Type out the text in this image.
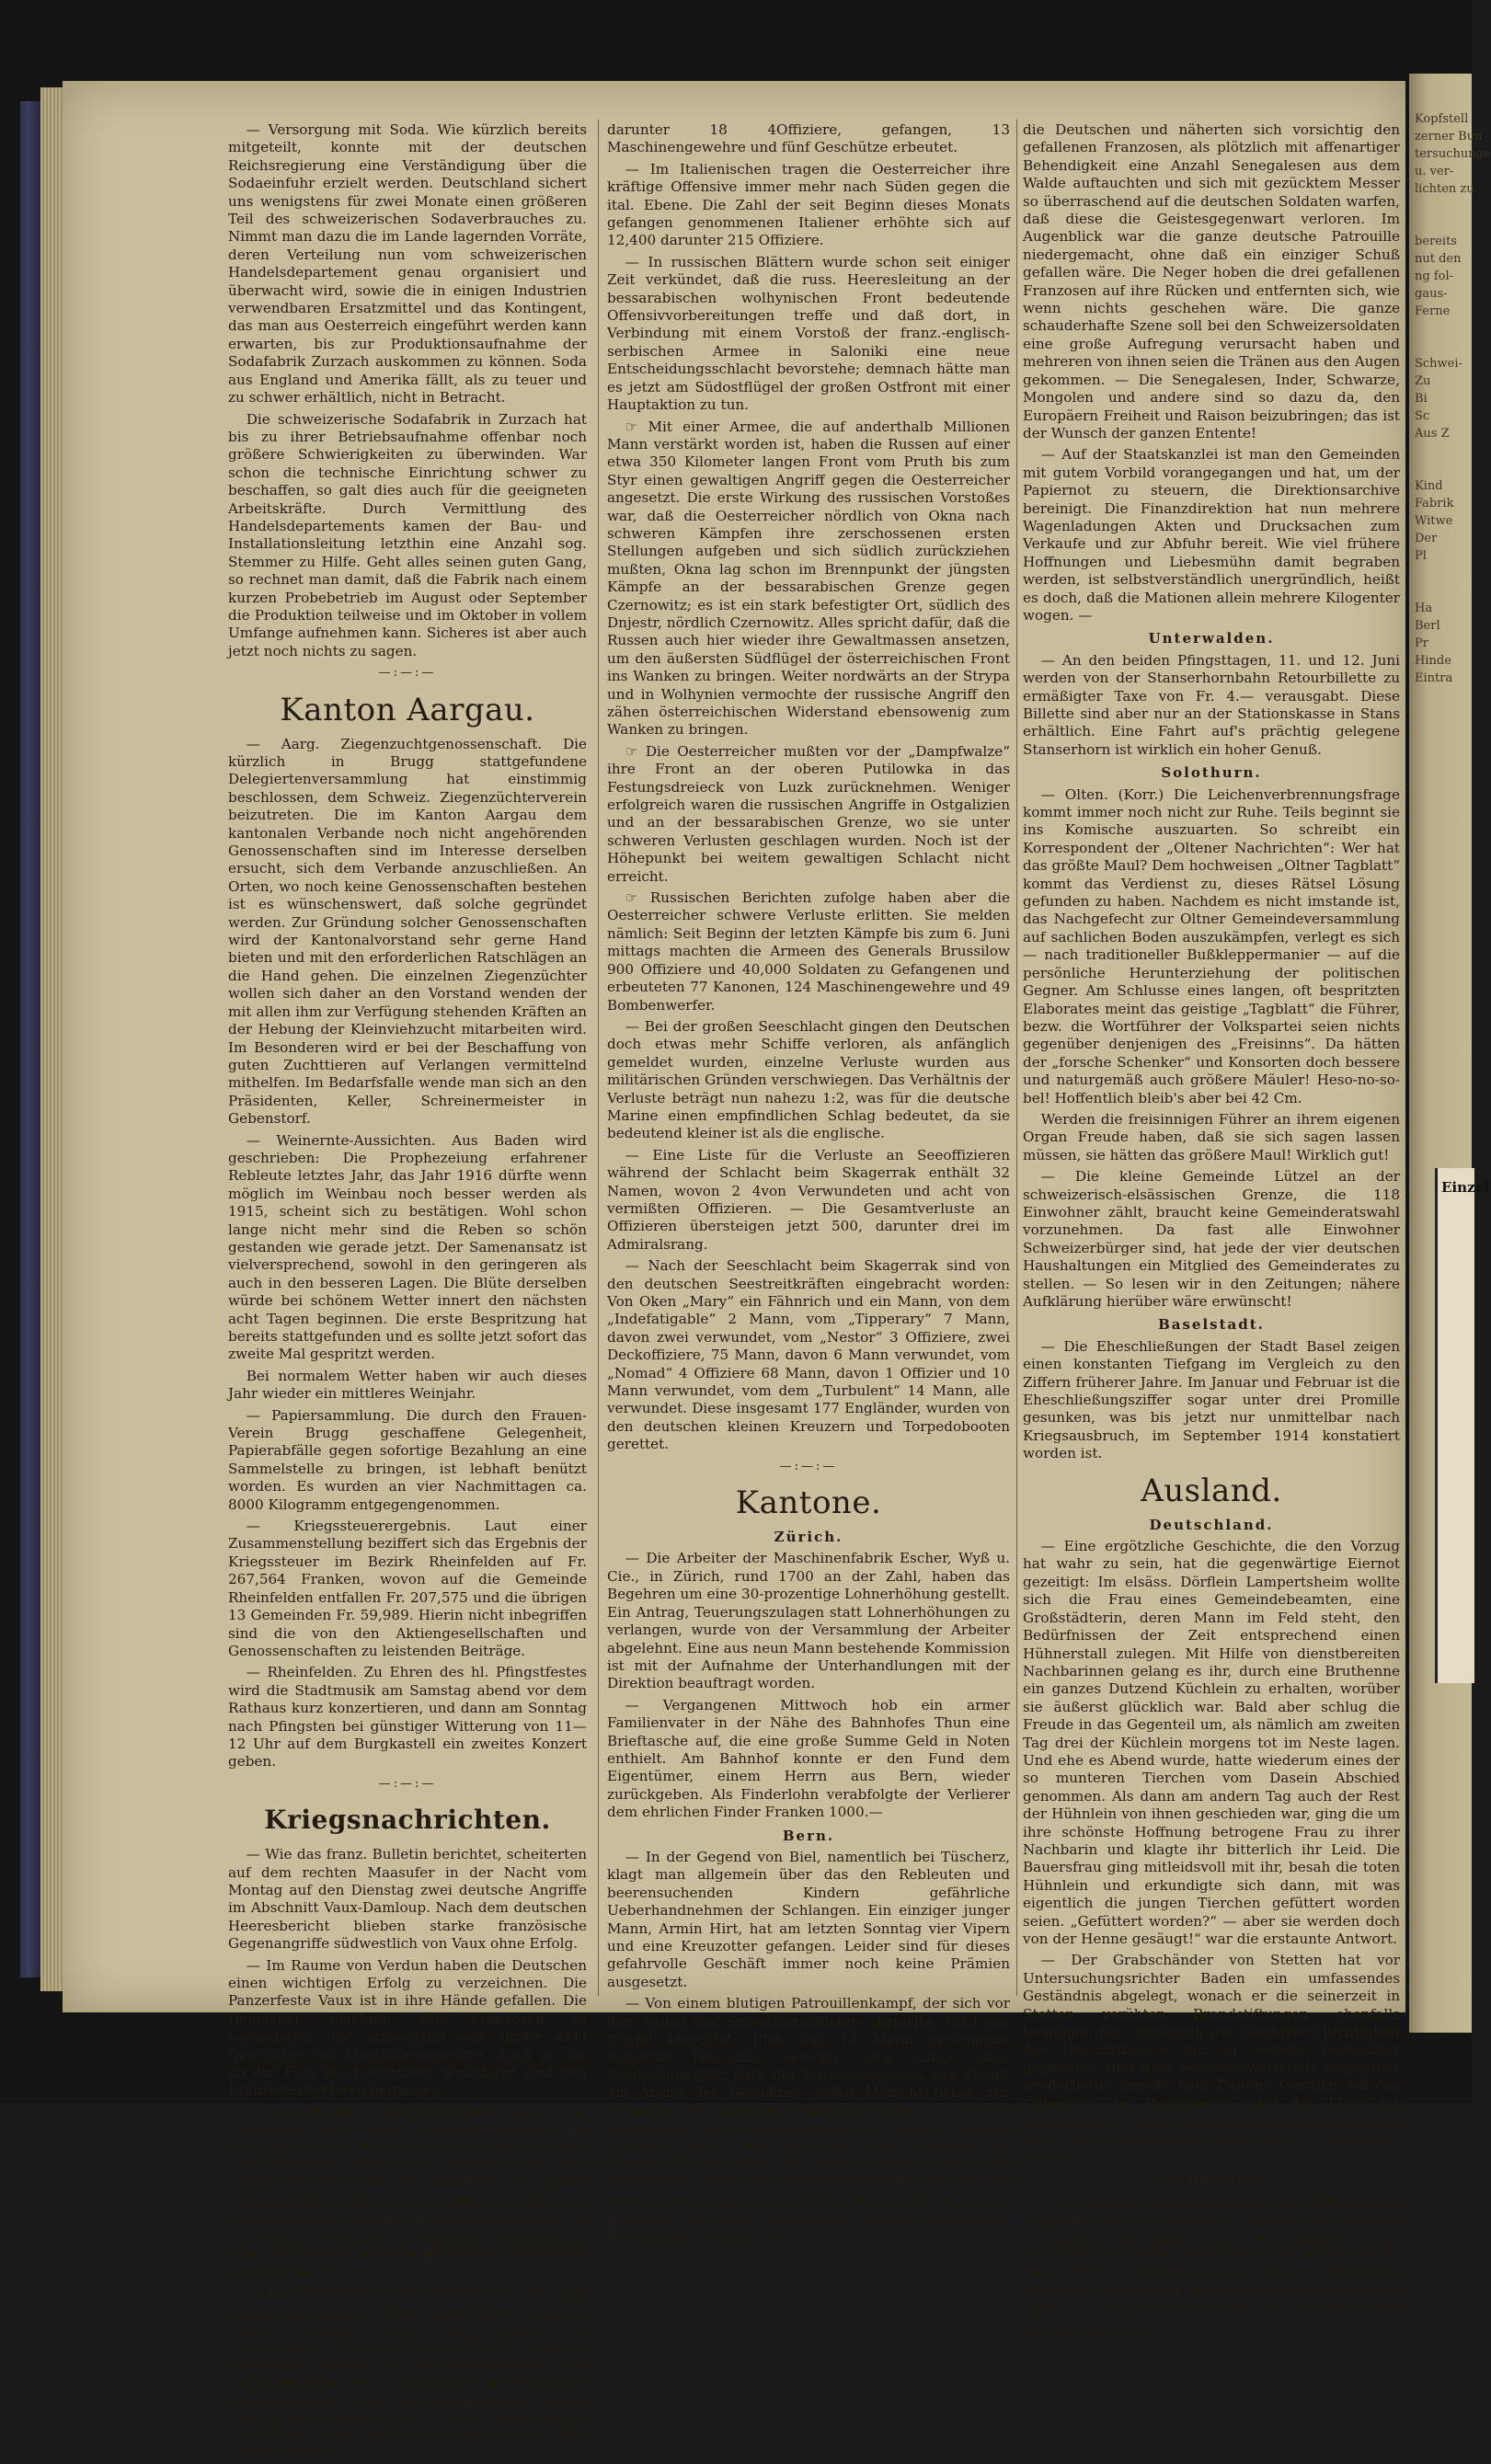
Kopfstell
zerner Bun
tersuchunge
u. ver-
lichten zu
bereits
nut den
ng fol-
gaus-
Ferne
Schwei-
Zu
Bi
Sc
Aus Z
Kind
Fabrik
Witwe
Der
Pl
Ha
Berl
Pr
Hinde
Eintra

— Versorgung mit Soda. Wie kürzlich bereits mitgeteilt, konnte mit der deutschen Reichsregierung eine Verständigung über die Sodaeinfuhr erzielt werden. Deutschland sichert uns wenigstens für zwei Monate einen größeren Teil des schweizerischen Sodaverbrauches zu. Nimmt man dazu die im Lande lagernden Vorräte, deren Verteilung nun vom schweizerischen Handelsdepartement genau organisiert und überwacht wird, sowie die in einigen Industrien verwendbaren Ersatzmittel und das Kontingent, das man aus Oesterreich eingeführt werden kann erwarten, bis zur Produktionsaufnahme der Sodafabrik Zurzach auskommen zu können. Soda aus England und Amerika fällt, als zu teuer und zu schwer erhältlich, nicht in Betracht.

Die schweizerische Sodafabrik in Zurzach hat bis zu ihrer Betriebsaufnahme offenbar noch größere Schwierigkeiten zu überwinden. War schon die technische Einrichtung schwer zu beschaffen, so galt dies auch für die geeigneten Arbeitskräfte. Durch Vermittlung des Handelsdepartements kamen der Bau- und Installationsleitung letzthin eine Anzahl sog. Stemmer zu Hilfe. Geht alles seinen guten Gang, so rechnet man damit, daß die Fabrik nach einem kurzen Probebetrieb im August oder September die Produktion teilweise und im Oktober in vollem Umfange aufnehmen kann. Sicheres ist aber auch jetzt noch nichts zu sagen.

—:—:—
Kanton Aargau.

— Aarg. Ziegenzuchtgenossenschaft. Die kürzlich in Brugg stattgefundene Delegiertenversammlung hat einstimmig beschlossen, dem Schweiz. Ziegenzüchterverein beizutreten. Die im Kanton Aargau dem kantonalen Verbande noch nicht angehörenden Genossenschaften sind im Interesse derselben ersucht, sich dem Verbande anzuschließen. An Orten, wo noch keine Genossenschaften bestehen ist es wünschenswert, daß solche gegründet werden. Zur Gründung solcher Genossenschaften wird der Kantonalvorstand sehr gerne Hand bieten und mit den erforderlichen Ratschlägen an die Hand gehen. Die einzelnen Ziegenzüchter wollen sich daher an den Vorstand wenden der mit allen ihm zur Verfügung stehenden Kräften an der Hebung der Kleinviehzucht mitarbeiten wird. Im Besonderen wird er bei der Beschaffung von guten Zuchttieren auf Verlangen vermittelnd mithelfen. Im Bedarfsfalle wende man sich an den Präsidenten, Keller, Schreinermeister in Gebenstorf.

— Weinernte-Aussichten. Aus Baden wird geschrieben: Die Prophezeiung erfahrener Rebleute letztes Jahr, das Jahr 1916 dürfte wenn möglich im Weinbau noch besser werden als 1915, scheint sich zu bestätigen. Wohl schon lange nicht mehr sind die Reben so schön gestanden wie gerade jetzt. Der Samenansatz ist vielversprechend, sowohl in den geringeren als auch in den besseren Lagen. Die Blüte derselben würde bei schönem Wetter innert den nächsten acht Tagen beginnen. Die erste Bespritzung hat bereits stattgefunden und es sollte jetzt sofort das zweite Mal gespritzt werden.

Bei normalem Wetter haben wir auch dieses Jahr wieder ein mittleres Weinjahr.

— Papiersammlung. Die durch den Frauen-Verein Brugg geschaffene Gelegenheit, Papierabfälle gegen sofortige Bezahlung an eine Sammelstelle zu bringen, ist lebhaft benützt worden. Es wurden an vier Nachmittagen ca. 8000 Kilogramm entgegengenommen.

— Kriegssteuerergebnis. Laut einer Zusammenstellung beziffert sich das Ergebnis der Kriegssteuer im Bezirk Rheinfelden auf Fr. 267,564 Franken, wovon auf die Gemeinde Rheinfelden entfallen Fr. 207,575 und die übrigen 13 Gemeinden Fr. 59,989. Hierin nicht inbegriffen sind die von den Aktiengesellschaften und Genossenschaften zu leistenden Beiträge.

— Rheinfelden. Zu Ehren des hl. Pfingstfestes wird die Stadtmusik am Samstag abend vor dem Rathaus kurz konzertieren, und dann am Sonntag nach Pfingsten bei günstiger Witterung von 11—12 Uhr auf dem Burgkastell ein zweites Konzert geben.

—:—:—
Kriegsnachrichten.

— Wie das franz. Bulletin berichtet, scheiterten auf dem rechten Maasufer in der Nacht vom Montag auf den Dienstag zwei deutsche Angriffe im Abschnitt Vaux-Damloup. Nach dem deutschen Heeresbericht blieben starke französische Gegenangriffe südwestlich von Vaux ohne Erfolg.

— Im Raume von Verdun haben die Deutschen einen wichtigen Erfolg zu verzeichnen. Die Panzerfeste Vaux ist in ihre Hände gefallen. Die Deutschen machten 700 Franzosen zu Gefangenen und erbeuteten eine große Zahl Geschütze und Maschinengewehre. Auch an die an das Fort anschließenden Stellungen sind den Franzosen verloren gegangen.

— Im Westen, südöstlich Ypern haben die Engländer eine neue Schlappe erlitten. In Ausnützung ihres Erfolges auf dem Höhenrücken von Zillebecke haben die Deutschen das Dorf Hooge gestürmt und den Kanadiern das ganze Höhengelände südöstlich und östlich von Ypern in einer Frontlänge von drei Kilometer entrissen. Da die blutigen Verluste des englischen Verteidigers sehr groß waren, konnten nur wenige Gefangene gemacht werden.

— Laut österreichischem Bericht ist die Lage an der italienischen Front unverändert. General Cadorna meldet, daß seine Truppen in verschiedenen Abschnitten Angriffe des Gegners abgewiesen haben. Es hat den Anschein, die russische Offensive in Ostgalizien und Wolhynien beginne bereits, ihre den Oesterreichern wenig günstige Rückwirkungen zu zeigen. Seit Beginn des Monats Juni haben die Oesterreicher über 9700 Italiener,

darunter 18 4Offiziere, gefangen, 13 Maschinengewehre und fünf Geschütze erbeutet.

— Im Italienischen tragen die Oesterreicher ihre kräftige Offensive immer mehr nach Süden gegen die ital. Ebene. Die Zahl der seit Beginn dieses Monats gefangen genommenen Italiener erhöhte sich auf 12,400 darunter 215 Offiziere.

— In russischen Blättern wurde schon seit einiger Zeit verkündet, daß die russ. Heeresleitung an der bessarabischen wolhynischen Front bedeutende Offensivvorbereitungen treffe und daß dort, in Verbindung mit einem Vorstoß der franz.-englisch-serbischen Armee in Saloniki eine neue Entscheidungsschlacht bevorstehe; demnach hätte man es jetzt am Südostflügel der großen Ostfront mit einer Hauptaktion zu tun.

☞ Mit einer Armee, die auf anderthalb Millionen Mann verstärkt worden ist, haben die Russen auf einer etwa 350 Kilometer langen Front vom Pruth bis zum Styr einen gewaltigen Angriff gegen die Oesterreicher angesetzt. Die erste Wirkung des russischen Vorstoßes war, daß die Oesterreicher nördlich von Okna nach schweren Kämpfen ihre zerschossenen ersten Stellungen aufgeben und sich südlich zurückziehen mußten, Okna lag schon im Brennpunkt der jüngsten Kämpfe an der bessarabischen Grenze gegen Czernowitz; es ist ein stark befestigter Ort, südlich des Dnjestr, nördlich Czernowitz. Alles spricht dafür, daß die Russen auch hier wieder ihre Gewaltmassen ansetzen, um den äußersten Südflügel der österreichischen Front ins Wanken zu bringen. Weiter nordwärts an der Strypa und in Wolhynien vermochte der russische Angriff den zähen österreichischen Widerstand ebensowenig zum Wanken zu bringen.

☞ Die Oesterreicher mußten vor der „Dampfwalze“ ihre Front an der oberen Putilowka in das Festungsdreieck von Luzk zurücknehmen. Weniger erfolgreich waren die russischen Angriffe in Ostgalizien und an der bessarabischen Grenze, wo sie unter schweren Verlusten geschlagen wurden. Noch ist der Höhepunkt bei weitem gewaltigen Schlacht nicht erreicht.

☞ Russischen Berichten zufolge haben aber die Oesterreicher schwere Verluste erlitten. Sie melden nämlich: Seit Beginn der letzten Kämpfe bis zum 6. Juni mittags machten die Armeen des Generals Brussilow 900 Offiziere und 40,000 Soldaten zu Gefangenen und erbeuteten 77 Kanonen, 124 Maschinengewehre und 49 Bombenwerfer.

— Bei der großen Seeschlacht gingen den Deutschen doch etwas mehr Schiffe verloren, als anfänglich gemeldet wurden, einzelne Verluste wurden aus militärischen Gründen verschwiegen. Das Verhältnis der Verluste beträgt nun nahezu 1:2, was für die deutsche Marine einen empfindlichen Schlag bedeutet, da sie bedeutend kleiner ist als die englische.

— Eine Liste für die Verluste an Seeoffizieren während der Schlacht beim Skagerrak enthält 32 Namen, wovon 2 4von Verwundeten und acht von vermißten Offizieren. — Die Gesamtverluste an Offizieren übersteigen jetzt 500, darunter drei im Admiralsrang.

— Nach der Seeschlacht beim Skagerrak sind von den deutschen Seestreitkräften eingebracht worden: Von Oken „Mary“ ein Fähnrich und ein Mann, von dem „Indefatigable“ 2 Mann, vom „Tipperary“ 7 Mann, davon zwei verwundet, vom „Nestor“ 3 Offiziere, zwei Deckoffiziere, 75 Mann, davon 6 Mann verwundet, vom „Nomad“ 4 Offiziere 68 Mann, davon 1 Offizier und 10 Mann verwundet, vom dem „Turbulent“ 14 Mann, alle verwundet. Diese insgesamt 177 Engländer, wurden von den deutschen kleinen Kreuzern und Torpedobooten gerettet.

—:—:—
Kantone.
Zürich.

— Die Arbeiter der Maschinenfabrik Escher, Wyß u. Cie., in Zürich, rund 1700 an der Zahl, haben das Begehren um eine 30-prozentige Lohnerhöhung gestellt. Ein Antrag, Teuerungszulagen statt Lohnerhöhungen zu verlangen, wurde von der Versammlung der Arbeiter abgelehnt. Eine aus neun Mann bestehende Kommission ist mit der Aufnahme der Unterhandlungen mit der Direktion beauftragt worden.

— Vergangenen Mittwoch hob ein armer Familienvater in der Nähe des Bahnhofes Thun eine Brieftasche auf, die eine große Summe Geld in Noten enthielt. Am Bahnhof konnte er den Fund dem Eigentümer, einem Herrn aus Bern, wieder zurückgeben. Als Finderlohn verabfolgte der Verlierer dem ehrlichen Finder Franken 1000.—

Bern.

— In der Gegend von Biel, namentlich bei Tüscherz, klagt man allgemein über das den Rebleuten und beerensuchenden Kindern gefährliche Ueberhandnehmen der Schlangen. Ein einziger junger Mann, Armin Hirt, hat am letzten Sonntag vier Vipern und eine Kreuzotter gefangen. Leider sind für dieses gefahrvolle Geschäft immer noch keine Prämien ausgesetzt.

— Von einem blutigen Patrouillenkampf, der sich vor den Augen der Schweizersoldaten abspielte, wird aus Bonfol berichtet: Eine aus 14 Mann bestehende deutsche Patrouille bewegte sich längs eines Waldrandes ganz nahe der Schweizergrenze, den Finger am Abzug des Gewehres, jeden Moment bereit zur Aufnahme des Kampfes. Plötzlich legten sich die 14 Mann nieder und schickten sich an zu feuern. Man sah tatsächlich etwa 100 Meter von ihnen entfernt eine französische Patrouille, die sich ahnungslos näherte. Die Schüsse der deutschen Soldaten krachten und drei von den Franzosen lagen im Staube, worauf sich die andern Franzosen aus dem gefährlichen Bereich entfernten. Kurz darauf erhoben sich

die Deutschen und näherten sich vorsichtig den gefallenen Franzosen, als plötzlich mit affenartiger Behendigkeit eine Anzahl Senegalesen aus dem Walde auftauchten und sich mit gezücktem Messer so überraschend auf die deutschen Soldaten warfen, daß diese die Geistesgegenwart verloren. Im Augenblick war die ganze deutsche Patrouille niedergemacht, ohne daß ein einziger Schuß gefallen wäre. Die Neger hoben die drei gefallenen Franzosen auf ihre Rücken und entfernten sich, wie wenn nichts geschehen wäre. Die ganze schauderhafte Szene soll bei den Schweizersoldaten eine große Aufregung verursacht haben und mehreren von ihnen seien die Tränen aus den Augen gekommen. — Die Senegalesen, Inder, Schwarze, Mongolen und andere sind so dazu da, den Europäern Freiheit und Raison beizubringen; das ist der Wunsch der ganzen Entente!

— Auf der Staatskanzlei ist man den Gemeinden mit gutem Vorbild vorangegangen und hat, um der Papiernot zu steuern, die Direktionsarchive bereinigt. Die Finanzdirektion hat nun mehrere Wagenladungen Akten und Drucksachen zum Verkaufe und zur Abfuhr bereit. Wie viel frühere Hoffnungen und Liebesmühn damit begraben werden, ist selbstverständlich unergründlich, heißt es doch, daß die Mationen allein mehrere Kilogenter wogen. —

Unterwalden.

— An den beiden Pfingsttagen, 11. und 12. Juni werden von der Stanserhornbahn Retourbillette zu ermäßigter Taxe von Fr. 4.— verausgabt. Diese Billette sind aber nur an der Stationskasse in Stans erhältlich. Eine Fahrt auf's prächtig gelegene Stanserhorn ist wirklich ein hoher Genuß.

Solothurn.

— Olten. (Korr.) Die Leichenverbrennungsfrage kommt immer noch nicht zur Ruhe. Teils beginnt sie ins Komische auszuarten. So schreibt ein Korrespondent der „Oltener Nachrichten“: Wer hat das größte Maul? Dem hochweisen „Oltner Tagblatt“ kommt das Verdienst zu, dieses Rätsel Lösung gefunden zu haben. Nachdem es nicht imstande ist, das Nachgefecht zur Oltner Gemeindeversammlung auf sachlichen Boden auszukämpfen, verlegt es sich — nach traditioneller Bußkleppermanier — auf die persönliche Herunterziehung der politischen Gegner. Am Schlusse eines langen, oft bespritzten Elaborates meint das geistige „Tagblatt“ die Führer, bezw. die Wortführer der Volkspartei seien nichts gegenüber denjenigen des „Freisinns“. Da hätten der „forsche Schenker“ und Konsorten doch bessere und naturgemäß auch größere Mäuler! Heso-no-so-bel! Hoffentlich bleib's aber bei 42 Cm.

Werden die freisinnigen Führer an ihrem eigenen Organ Freude haben, daß sie sich sagen lassen müssen, sie hätten das größere Maul! Wirklich gut!

— Die kleine Gemeinde Lützel an der schweizerisch-elsässischen Grenze, die 118 Einwohner zählt, braucht keine Gemeinderatswahl vorzunehmen. Da fast alle Einwohner Schweizerbürger sind, hat jede der vier deutschen Haushaltungen ein Mitglied des Gemeinderates zu stellen. — So lesen wir in den Zeitungen; nähere Aufklärung hierüber wäre erwünscht!

Baselstadt.

— Die Eheschließungen der Stadt Basel zeigen einen konstanten Tiefgang im Vergleich zu den Ziffern früherer Jahre. Im Januar und Februar ist die Eheschließungsziffer sogar unter drei Promille gesunken, was bis jetzt nur unmittelbar nach Kriegsausbruch, im September 1914 konstatiert worden ist.

Ausland.
Deutschland.

— Eine ergötzliche Geschichte, die den Vorzug hat wahr zu sein, hat die gegenwärtige Eiernot gezeitigt: Im elsäss. Dörflein Lampertsheim wollte sich die Frau eines Gemeindebeamten, eine Großstädterin, deren Mann im Feld steht, den Bedürfnissen der Zeit entsprechend einen Hühnerstall zulegen. Mit Hilfe von dienstbereiten Nachbarinnen gelang es ihr, durch eine Bruthenne ein ganzes Dutzend Küchlein zu erhalten, worüber sie äußerst glücklich war. Bald aber schlug die Freude in das Gegenteil um, als nämlich am zweiten Tag drei der Küchlein morgens tot im Neste lagen. Und ehe es Abend wurde, hatte wiederum eines der so munteren Tierchen vom Dasein Abschied genommen. Als dann am andern Tag auch der Rest der Hühnlein von ihnen geschieden war, ging die um ihre schönste Hoffnung betrogene Frau zu ihrer Nachbarin und klagte ihr bitterlich ihr Leid. Die Bauersfrau ging mitleidsvoll mit ihr, besah die toten Hühnlein und erkundigte sich dann, mit was eigentlich die jungen Tierchen gefüttert worden seien. „Gefüttert worden?“ — aber sie werden doch von der Henne gesäugt!“ war die erstaunte Antwort.

— Der Grabschänder von Stetten hat vor Untersuchungsrichter Baden ein umfassendes Geständnis abgelegt, wonach er die seinerzeit in Stetten verübten Brandstiftungen ebenfalls begangen hat. Bezüglich der objektiven Richtigkeit des Geständnisses, das er seinem Verteidiger gegenüber und dem Staatsanwaltschaft gegenüber wiederholte, besteht kein Zweifel. Gestützt auf das Gutachten der Bezirksärzte wird der Täter zur Beobachtung seines Gesundheitszustandes in die Heil- und Pflegeanstalt Königsfelden übergeführt werden.

Frankreich.

— Vor einiger Zeit verbreiteten die Blätter einen Ausspruch des französischen Staatsmannes Briand, in welchem er erklärte, die Gerechtigkeit sei auf ihrer Seite, denn sie hätten den Krieg nicht gewollt. Diese Worte erinnern an eine seiner öffentlichen Reden, als er Minister um die Jahrhundertwende. Er sagte u. a. folgendes: „Die Zeit ist gekommen, daß wir den Geist der

Einzel
